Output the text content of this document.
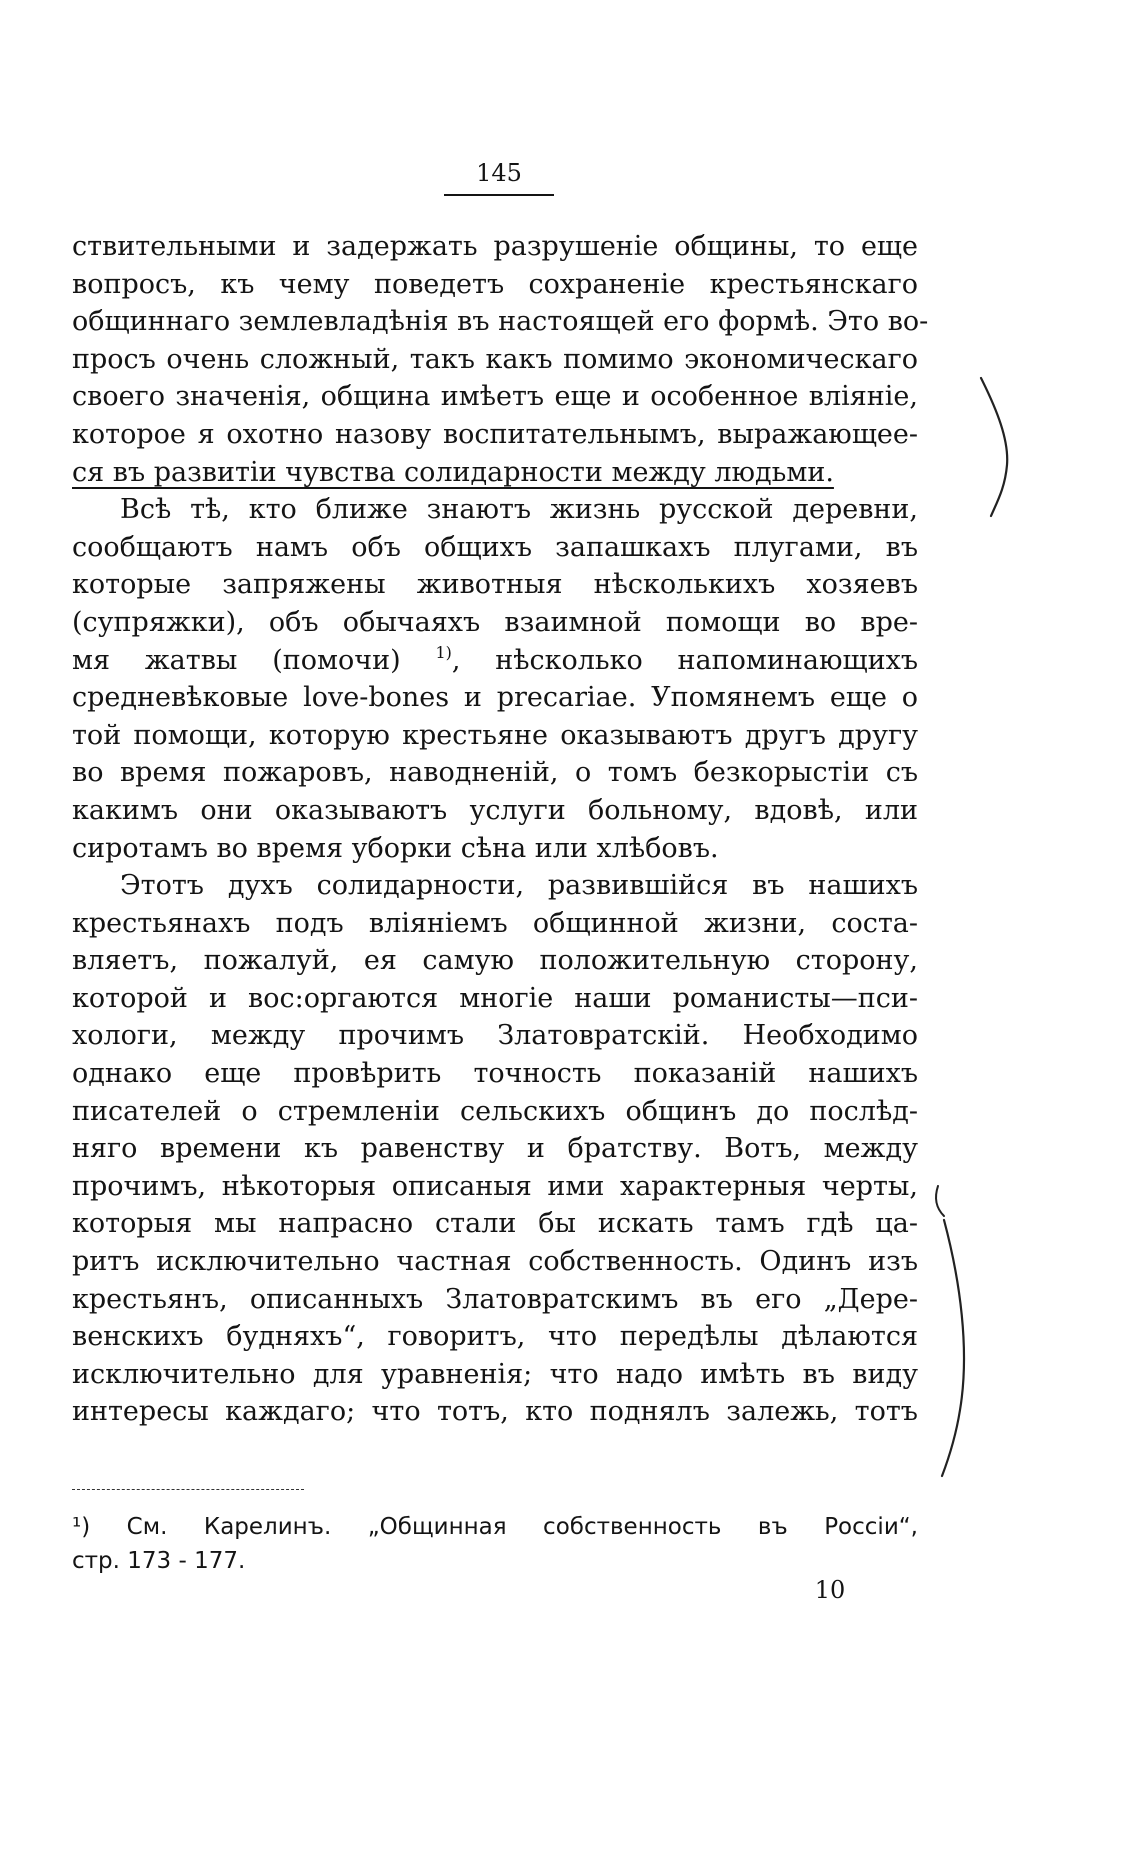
145
ствительными и задержать разрушеніе общины, то еще
вопросъ, къ чему поведетъ сохраненіе крестьянскаго
общиннаго землевладѣнія въ настоящей его формѣ. Это во-
просъ очень сложный, такъ какъ помимо экономическаго
своего значенія, община имѣетъ еще и особенное вліяніе,
которое я охотно назову воспитательнымъ, выражающее-
ся въ развитіи чувства солидарности между людьми.
Всѣ тѣ, кто ближе знаютъ жизнь русской деревни,
сообщаютъ намъ объ общихъ запашкахъ плугами, въ
которые запряжены животныя нѣсколькихъ хозяевъ
(супряжки), объ обычаяхъ взаимной помощи во вре-
мя жатвы (помочи) $^{1)}$, нѣсколько напоминающихъ
средневѣковые love-bones и precariae. Упомянемъ еще о
той помощи, которую крестьяне оказываютъ другъ другу
во время пожаровъ, наводненій, о томъ безкорыстіи съ
какимъ они оказываютъ услуги больному, вдовѣ, или
сиротамъ во время уборки сѣна или хлѣбовъ.
Этотъ духъ солидарности, развившійся въ нашихъ
крестьянахъ подъ вліяніемъ общинной жизни, соста-
вляетъ, пожалуй, ея самую положительную сторону,
которой и вос:оргаются многіе наши романисты—пси-
хологи, между прочимъ Златовратскій. Необходимо
однако еще провѣрить точность показаній нашихъ
писателей о стремленіи сельскихъ общинъ до послѣд-
няго времени къ равенству и братству. Вотъ, между
прочимъ, нѣкоторыя описаныя ими характерныя черты,
которыя мы напрасно стали бы искать тамъ гдѣ ца-
ритъ исключительно частная собственность. Одинъ изъ
крестьянъ, описанныхъ Златовратскимъ въ его „Дере-
венскихъ будняхъ“, говоритъ, что передѣлы дѣлаются
исключительно для уравненія; что надо имѣть въ виду
интересы каждаго; что тотъ, кто поднялъ залежь, тотъ
¹) См. Карелинъ. „Общинная собственность въ Россіи“,
стр. 173 - 177.
10
